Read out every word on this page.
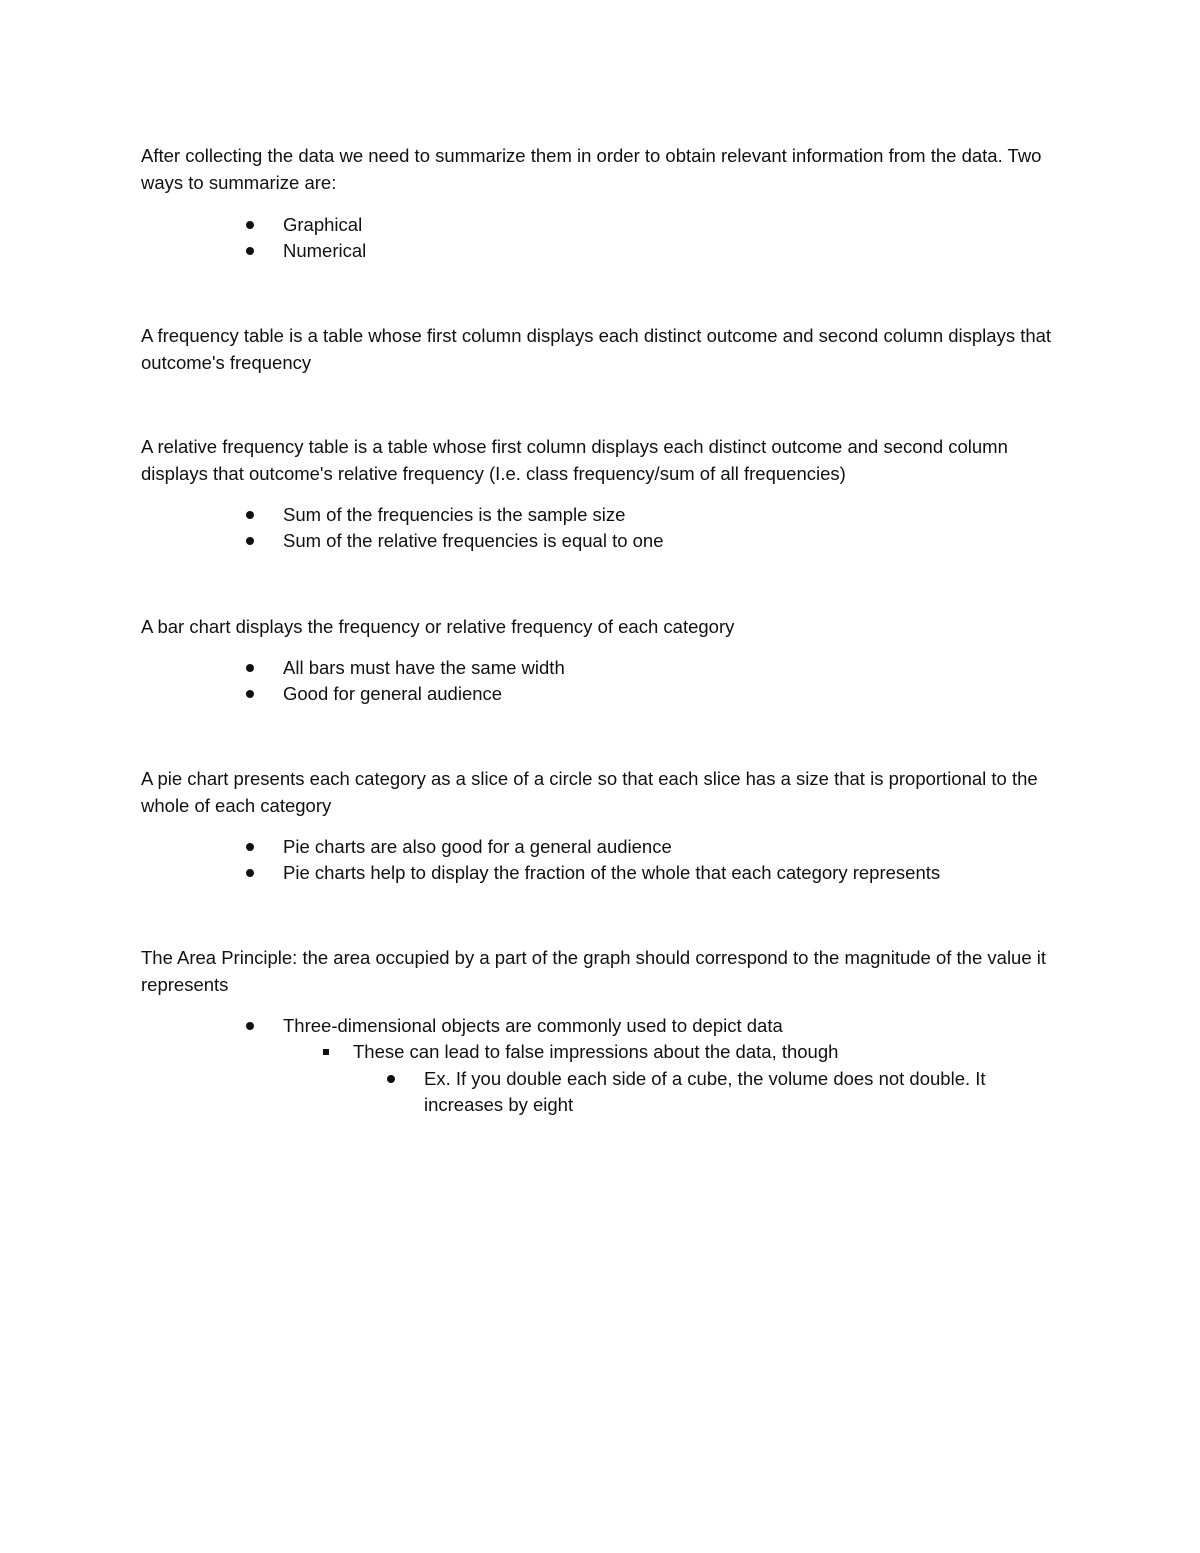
After collecting the data we need to summarize them in order to obtain relevant information from the data. Two ways to summarize are:

Graphical
Numerical

A frequency table is a table whose first column displays each distinct outcome and second column displays that outcome's frequency

A relative frequency table is a table whose first column displays each distinct outcome and second column displays that outcome's relative frequency (I.e. class frequency/sum of all frequencies)

Sum of the frequencies is the sample size
Sum of the relative frequencies is equal to one

A bar chart displays the frequency or relative frequency of each category

All bars must have the same width
Good for general audience

A pie chart presents each category as a slice of a circle so that each slice has a size that is proportional to the whole of each category

Pie charts are also good for a general audience
Pie charts help to display the fraction of the whole that each category represents

The Area Principle: the area occupied by a part of the graph should correspond to the magnitude of the value it represents

Three-dimensional objects are commonly used to depict data
These can lead to false impressions about the data, though
Ex. If you double each side of a cube, the volume does not double. It increases by eight
